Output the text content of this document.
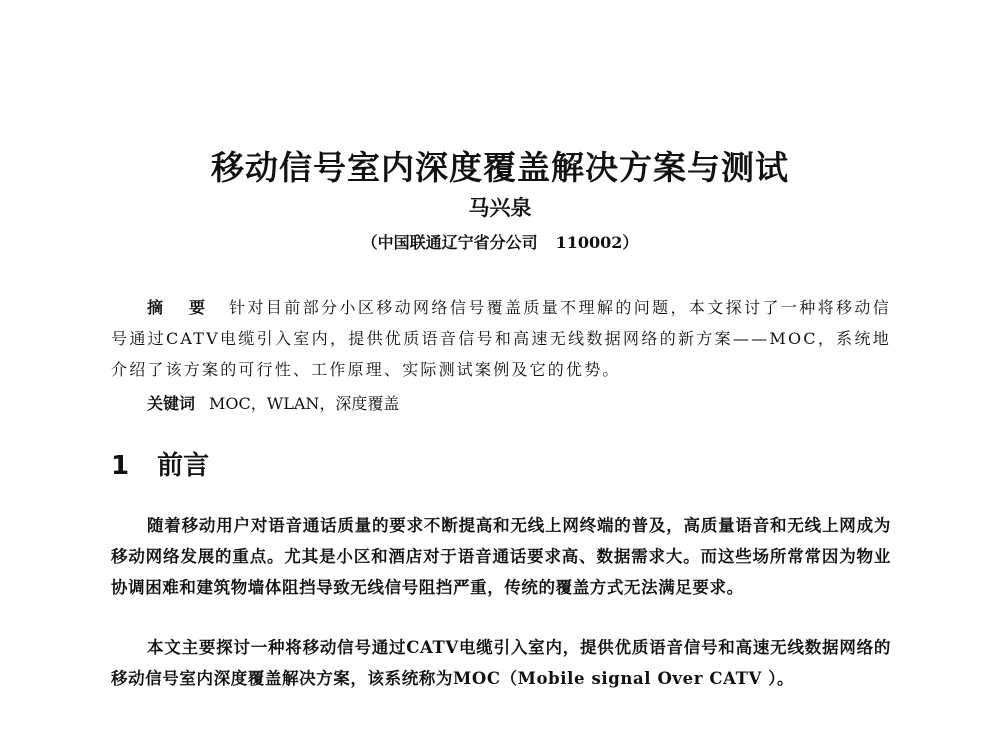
移动信号室内深度覆盖解决方案与测试
马兴泉
（中国联通辽宁省分公司 110002）
摘 要 针对目前部分小区移动网络信号覆盖质量不理解的问题，本文探讨了一种将移动信号通过CATV电缆引入室内，提供优质语音信号和高速无线数据网络的新方案——MOC，系统地介绍了该方案的可行性、工作原理、实际测试案例及它的优势。
关键词 MOC，WLAN，深度覆盖
1 前言
随着移动用户对语音通话质量的要求不断提高和无线上网终端的普及，高质量语音和无线上网成为移动网络发展的重点。尤其是小区和酒店对于语音通话要求高、数据需求大。而这些场所常常因为物业协调困难和建筑物墙体阻挡导致无线信号阻挡严重，传统的覆盖方式无法满足要求。
本文主要探讨一种将移动信号通过CATV电缆引入室内，提供优质语音信号和高速无线数据网络的移动信号室内深度覆盖解决方案，该系统称为MOC（Mobile signal Over CATV ）。
